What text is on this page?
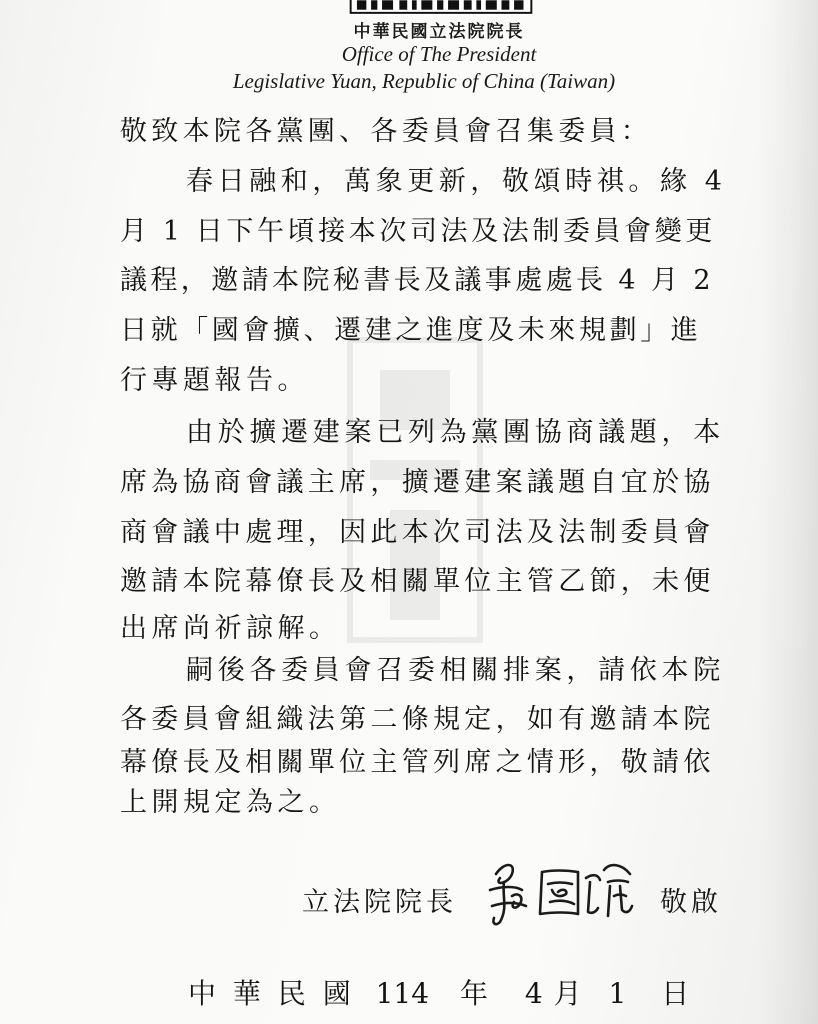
中華民國立法院院長
Office of The President
Legislative Yuan, Republic of China (Taiwan)
敬致本院各黨團、各委員會召集委員：
春日融和，萬象更新，敬頌時祺。緣 4
月 1 日下午頃接本次司法及法制委員會變更
議程，邀請本院秘書長及議事處處長 4 月 2
日就「國會擴、遷建之進度及未來規劃」進
行專題報告。
由於擴遷建案已列為黨團協商議題，本
席為協商會議主席，擴遷建案議題自宜於協
商會議中處理，因此本次司法及法制委員會
邀請本院幕僚長及相關單位主管乙節，未便
出席尚祈諒解。
嗣後各委員會召委相關排案，請依本院
各委員會組織法第二條規定，如有邀請本院
幕僚長及相關單位主管列席之情形，敬請依
上開規定為之。
立法院院長	敬啟
中 華 民 國 114 年 4 月 1 日
